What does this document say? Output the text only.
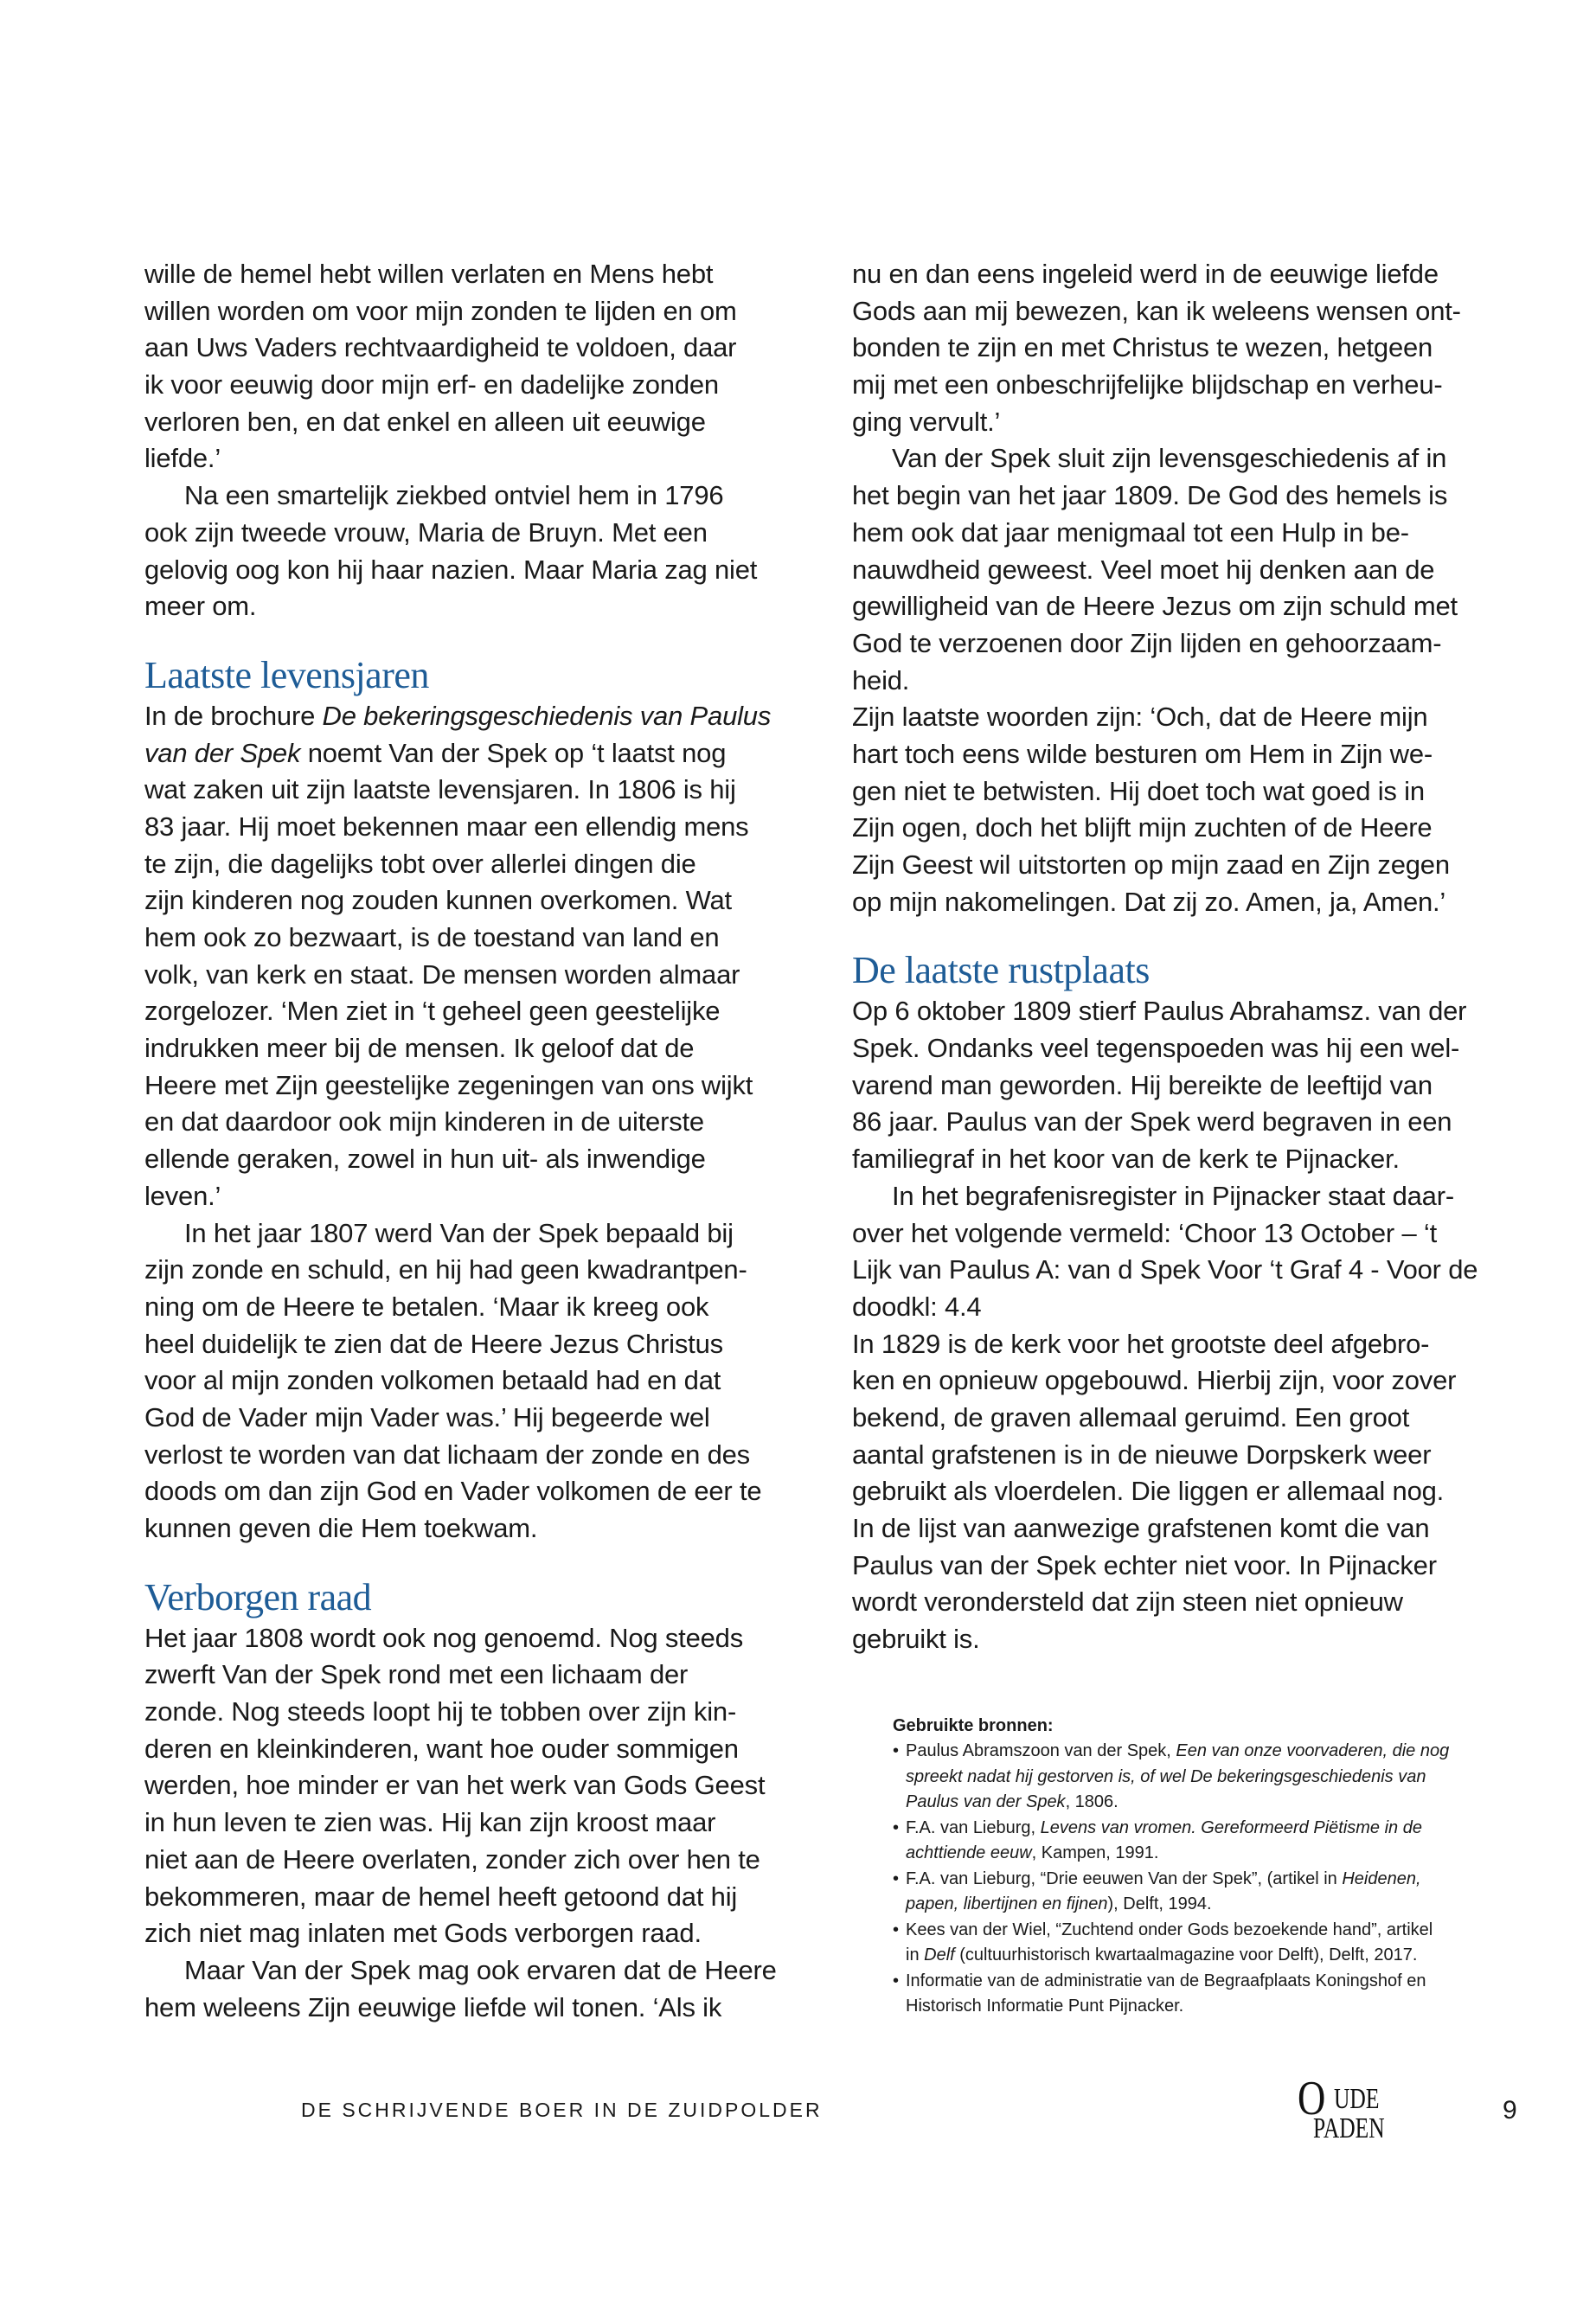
wille de hemel hebt willen verlaten en Mens hebt
willen worden om voor mijn zonden te lijden en om
aan Uws Vaders rechtvaardigheid te voldoen, daar
ik voor eeuwig door mijn erf- en dadelijke zonden
verloren ben, en dat enkel en alleen uit eeuwige
liefde.’
Na een smartelijk ziekbed ontviel hem in 1796
ook zijn tweede vrouw, Maria de Bruyn. Met een
gelovig oog kon hij haar nazien. Maar Maria zag niet
meer om.
Laatste levensjaren
In de brochure De bekeringsgeschiedenis van Paulus
van der Spek noemt Van der Spek op ‘t laatst nog
wat zaken uit zijn laatste levensjaren. In 1806 is hij
83 jaar. Hij moet bekennen maar een ellendig mens
te zijn, die dagelijks tobt over allerlei dingen die
zijn kinderen nog zouden kunnen overkomen. Wat
hem ook zo bezwaart, is de toestand van land en
volk, van kerk en staat. De mensen worden almaar
zorgelozer. ‘Men ziet in ‘t geheel geen geestelijke
indrukken meer bij de mensen. Ik geloof dat de
Heere met Zijn geestelijke zegeningen van ons wijkt
en dat daardoor ook mijn kinderen in de uiterste
ellende geraken, zowel in hun uit- als inwendige
leven.’
In het jaar 1807 werd Van der Spek bepaald bij
zijn zonde en schuld, en hij had geen kwadrantpen-
ning om de Heere te betalen. ‘Maar ik kreeg ook
heel duidelijk te zien dat de Heere Jezus Christus
voor al mijn zonden volkomen betaald had en dat
God de Vader mijn Vader was.’ Hij begeerde wel
verlost te worden van dat lichaam der zonde en des
doods om dan zijn God en Vader volkomen de eer te
kunnen geven die Hem toekwam.
Verborgen raad
Het jaar 1808 wordt ook nog genoemd. Nog steeds
zwerft Van der Spek rond met een lichaam der
zonde. Nog steeds loopt hij te tobben over zijn kin-
deren en kleinkinderen, want hoe ouder sommigen
werden, hoe minder er van het werk van Gods Geest
in hun leven te zien was. Hij kan zijn kroost maar
niet aan de Heere overlaten, zonder zich over hen te
bekommeren, maar de hemel heeft getoond dat hij
zich niet mag inlaten met Gods verborgen raad.
Maar Van der Spek mag ook ervaren dat de Heere
hem weleens Zijn eeuwige liefde wil tonen. ‘Als ik
nu en dan eens ingeleid werd in de eeuwige liefde
Gods aan mij bewezen, kan ik weleens wensen ont-
bonden te zijn en met Christus te wezen, hetgeen
mij met een onbeschrijfelijke blijdschap en verheu-
ging vervult.’
Van der Spek sluit zijn levensgeschiedenis af in
het begin van het jaar 1809. De God des hemels is
hem ook dat jaar menigmaal tot een Hulp in be-
nauwdheid geweest. Veel moet hij denken aan de
gewilligheid van de Heere Jezus om zijn schuld met
God te verzoenen door Zijn lijden en gehoorzaam-
heid.
Zijn laatste woorden zijn: ‘Och, dat de Heere mijn
hart toch eens wilde besturen om Hem in Zijn we-
gen niet te betwisten. Hij doet toch wat goed is in
Zijn ogen, doch het blijft mijn zuchten of de Heere
Zijn Geest wil uitstorten op mijn zaad en Zijn zegen
op mijn nakomelingen. Dat zij zo. Amen, ja, Amen.’
De laatste rustplaats
Op 6 oktober 1809 stierf Paulus Abrahamsz. van der
Spek. Ondanks veel tegenspoeden was hij een wel-
varend man geworden. Hij bereikte de leeftijd van
86 jaar. Paulus van der Spek werd begraven in een
familiegraf in het koor van de kerk te Pijnacker.
In het begrafenisregister in Pijnacker staat daar-
over het volgende vermeld: ‘Choor 13 October – ‘t
Lijk van Paulus A: van d Spek Voor ‘t Graf 4 - Voor de
doodkl: 4.4
In 1829 is de kerk voor het grootste deel afgebro-
ken en opnieuw opgebouwd. Hierbij zijn, voor zover
bekend, de graven allemaal geruimd. Een groot
aantal grafstenen is in de nieuwe Dorpskerk weer
gebruikt als vloerdelen. Die liggen er allemaal nog.
In de lijst van aanwezige grafstenen komt die van
Paulus van der Spek echter niet voor. In Pijnacker
wordt verondersteld dat zijn steen niet opnieuw
gebruikt is.
Gebruikte bronnen:
• Paulus Abramszoon van der Spek, Een van onze voorvaderen, die nog
spreekt nadat hij gestorven is, of wel De bekeringsgeschiedenis van
Paulus van der Spek, 1806.
• F.A. van Lieburg, Levens van vromen. Gereformeerd Piëtisme in de
achttiende eeuw, Kampen, 1991.
• F.A. van Lieburg, “Drie eeuwen Van der Spek”, (artikel in Heidenen,
papen, libertijnen en fijnen), Delft, 1994.
• Kees van der Wiel, “Zuchtend onder Gods bezoekende hand”, artikel
in Delf (cultuurhistorisch kwartaalmagazine voor Delft), Delft, 2017.
• Informatie van de administratie van de Begraafplaats Koningshof en
Historisch Informatie Punt Pijnacker.
DE SCHRIJVENDE BOER IN DE ZUIDPOLDER	O UDE
PADEN
9
